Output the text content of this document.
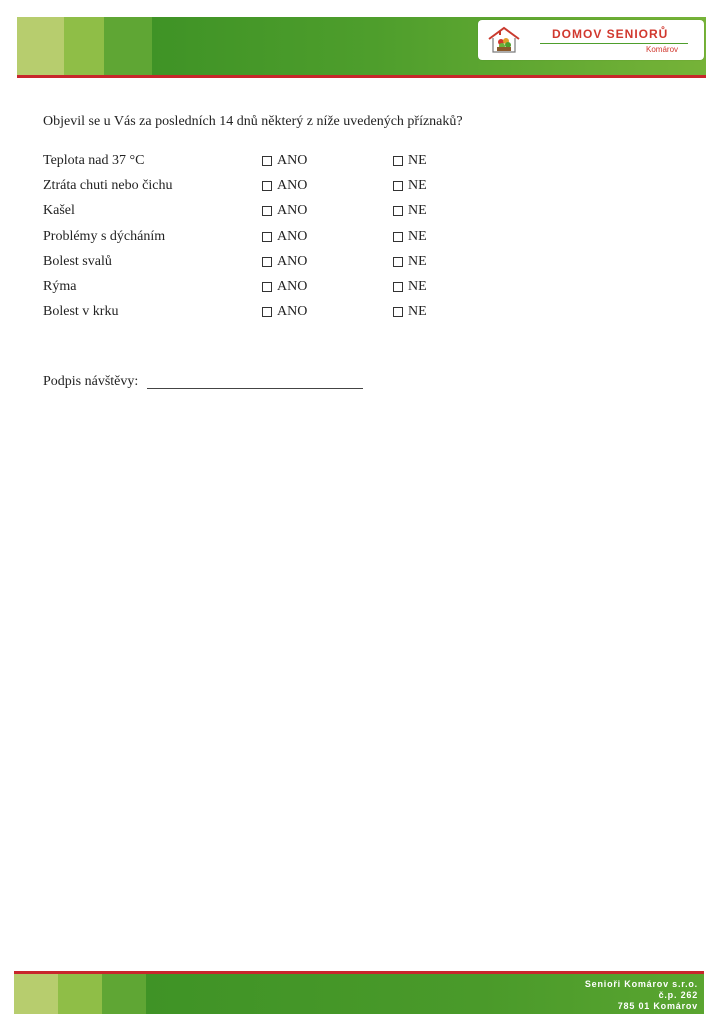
DOMOV SENIORŮ
Komárov
Objevil se u Vás za posledních 14 dnů některý z níže uvedených příznaků?
Teplota nad 37 °C	ANO	NE
Ztráta chuti nebo čichu	ANO	NE
Kašel	ANO	NE
Problémy s dýcháním	ANO	NE
Bolest svalů	ANO	NE
Rýma	ANO	NE
Bolest v krku	ANO	NE
Podpis návštěvy:
Senioři Komárov s.r.o.
č.p. 262
785 01 Komárov
